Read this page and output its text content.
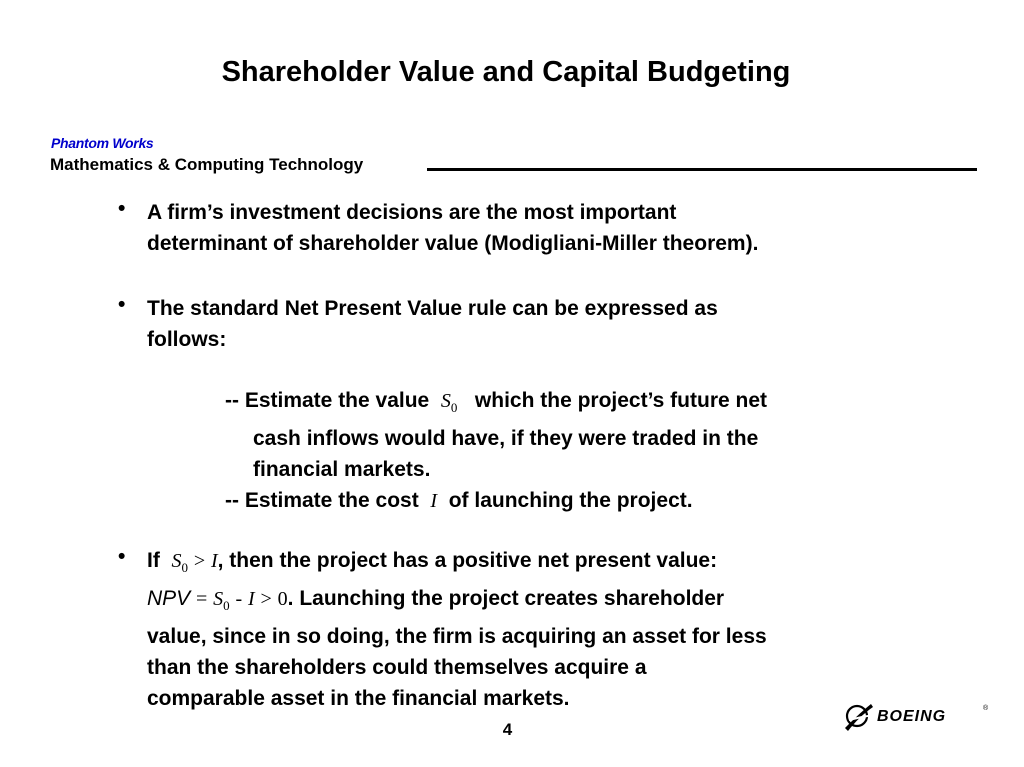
Shareholder Value and Capital Budgeting
Phantom Works
Mathematics & Computing Technology
• A firm’s investment decisions are the most important
determinant of shareholder value (Modigliani-Miller theorem).
• The standard Net Present Value rule can be expressed as
follows:
-- Estimate the value $S_0$ which the project’s future net
cash inflows would have, if they were traded in the
financial markets.
-- Estimate the cost I of launching the project.
• If $S_0 > I$, then the project has a positive net present value:
NPV = $S_0 - I > 0$. Launching the project creates shareholder
value, since in so doing, the firm is acquiring an asset for less
than the shareholders could themselves acquire a
comparable asset in the financial markets.
4
BOEING	®
